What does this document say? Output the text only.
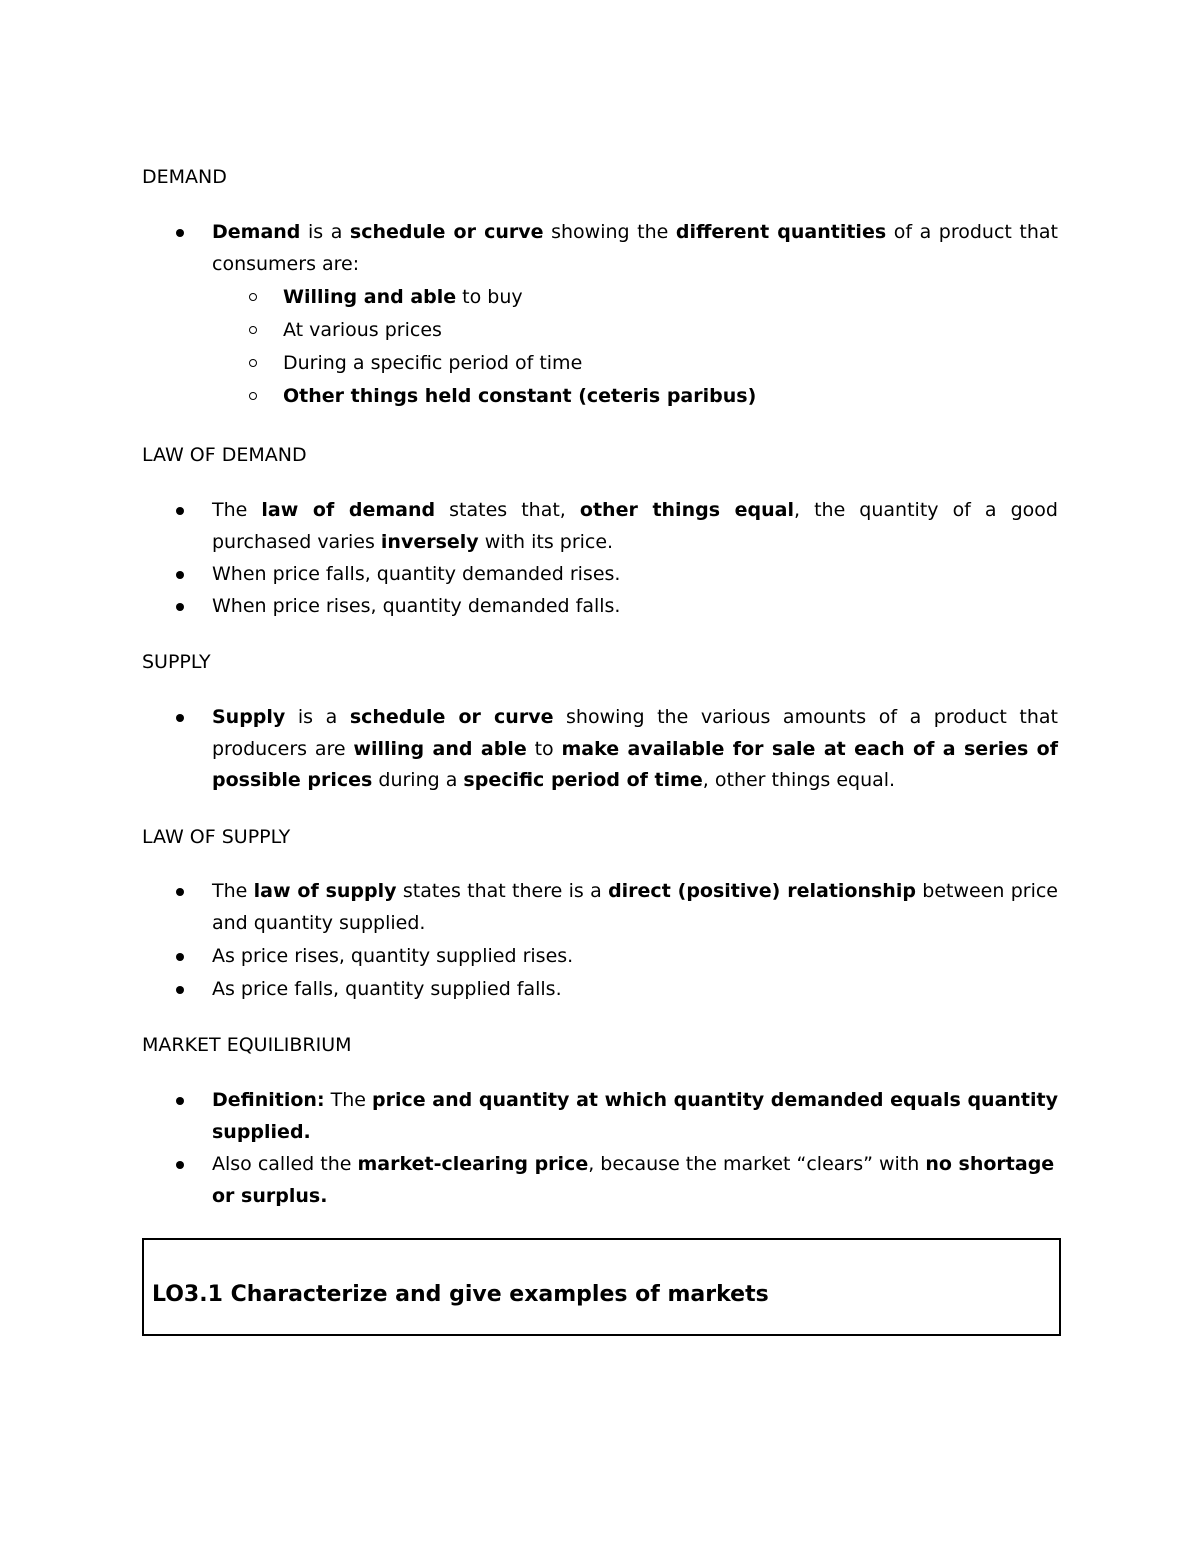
DEMAND
Demand is a schedule or curve showing the different quantities of a product that consumers are:
Willing and able to buy
At various prices
During a specific period of time
Other things held constant (ceteris paribus)
LAW OF DEMAND
The law of demand states that, other things equal, the quantity of a good purchased varies inversely with its price.
When price falls, quantity demanded rises.
When price rises, quantity demanded falls.
SUPPLY
Supply is a schedule or curve showing the various amounts of a product that producers are willing and able to make available for sale at each of a series of possible prices during a specific period of time, other things equal.
LAW OF SUPPLY
The law of supply states that there is a direct (positive) relationship between price and quantity supplied.
As price rises, quantity supplied rises.
As price falls, quantity supplied falls.
MARKET EQUILIBRIUM
Definition: The price and quantity at which quantity demanded equals quantity supplied.
Also called the market-clearing price, because the market “clears” with no shortage or surplus.
LO3.1 Characterize and give examples of markets
